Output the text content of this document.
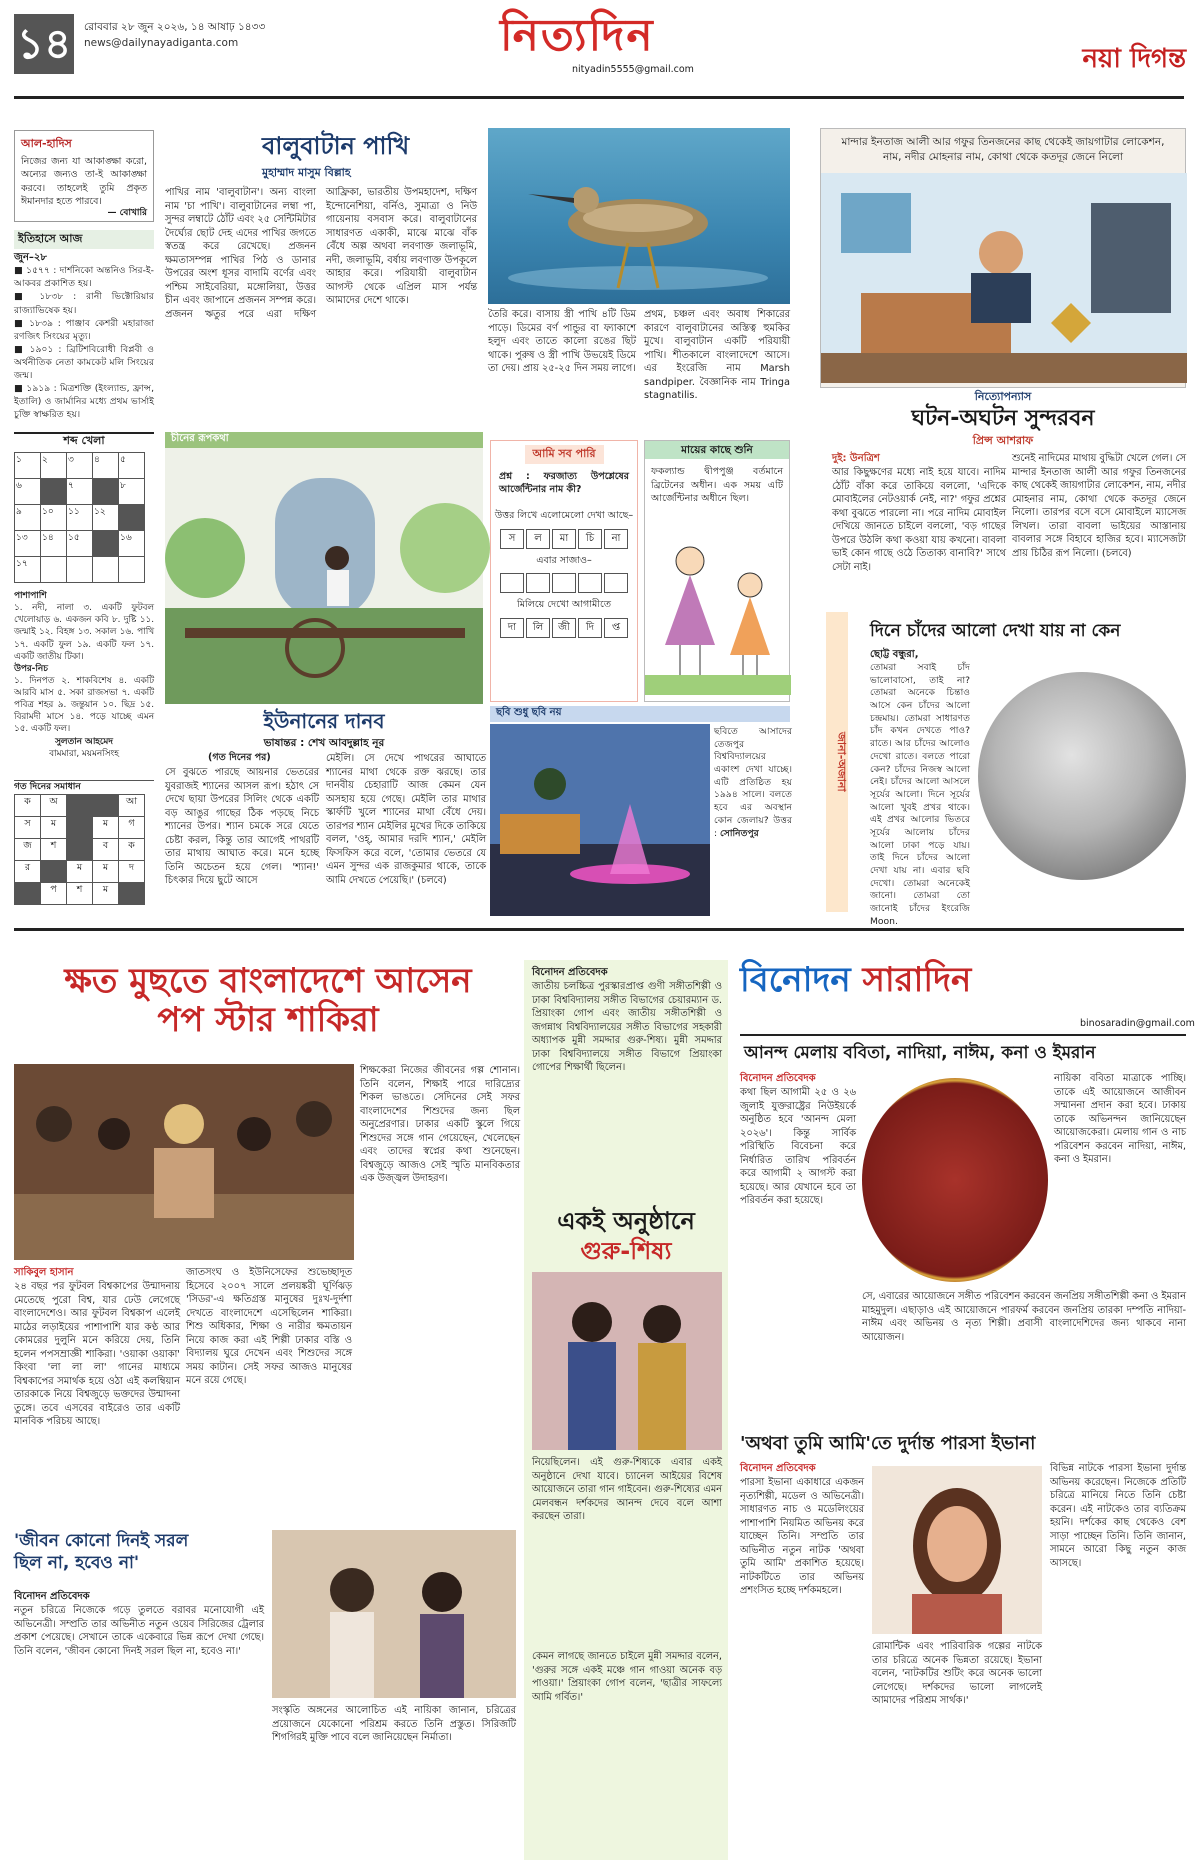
১৪ রোববার ২৮ জুন ২০২৬, ১৪ আষাঢ় ১৪৩৩
news@dailynayadiganta.com	নিত্যদিন
nityadin5555@gmail.com	নয়া দিগন্ত
আল-হাদিস
নিজের জন্য যা আকাঙ্ক্ষা করো, অন্যের জন্যও তা-ই আকাঙ্ক্ষা করবে। তাহলেই তুমি প্রকৃত ঈমানদার হতে পারবে।
— বোখারি
ইতিহাসে আজ
জুন–২৮
■ ১৫৭৭ : দার্শনিকো অন্তনিও সির-ই-আকবর প্রকাশিত হয়।
■ ১৮৩৮ : রানী ভিক্টোরিয়ার রাজ্যাভিষেক হয়।
■ ১৮৩৯ : পাঞ্জাব কেশরী মহারাজা রণজিৎ সিংয়ের মৃত্যু।
■ ১৯০১ : ব্রিটিশবিরোধী বিপ্লবী ও অর্থনীতিক নেতা কামকেট মলি সিংয়ের জন্ম।
■ ১৯১৯ : মিত্রশক্তি (ইংল্যান্ড, ফ্রান্স, ইতালি) ও জার্মানির মধ্যে প্রথম ভার্সাই চুক্তি স্বাক্ষরিত হয়।
শব্দ খেলা
১	২	৩	৪	৫
৬		৭		৮
৯	১০	১১	১২	
১৩	১৪	১৫		১৬
১৭				
পাশাপাশি
১. নদী, নালা ৩. একটি ফুটবল খেলোয়াড় ৬. একজন কবি ৮. দুষ্টি ১১. জন্মাই ১২. বিহঙ্গ ১৩. সকাল ১৬. পাখি ১৭. একটি ফুল ১৯. একটি ফল ১৭. একটি জাতীয় টিকা।
উপর-নিচ
১. দিনপত ২. শাকবিশেষ ৪. একটি আরবি মাস ৫. সকা রাজসভা ৭. একটি পবিত্র শহর ৯. জন্তুয়ান ১০. ছিদ্র ১৫. বিরামদী মাসে ১৪. পড়ে যাচ্ছে এমন ১৫. একটি ফল।

সুলতান আহমেদ
বামমারা, ময়মনসিংহ
গত দিনের সমাধান
ক	অ			আ
স	ম		ম	গ
জ	শ		ব	ক
র		ম	ম	দ
	প	শ	ম	
বালুবাটান পাখি
মুহাম্মাদ মাসুম বিল্লাহ
পাখির নাম 'বালুবাটান'। অন্য বাংলা নাম 'চা পাখি'। বালুবাটানের লম্বা পা, সুন্দর লম্বাটে ঠোঁট এবং ২৫ সেন্টিমিটার দৈর্ঘ্যের ছোট দেহ এদের পাখির জগতে স্বতন্ত্র করে রেখেছে। প্রজনন ক্ষমতাসম্পন্ন পাখির পিঠ ও ডানার উপরের অংশ ধূসর বাদামি বর্ণের এবং পশ্চিম সাইবেরিয়া, মঙ্গোলিয়া, উত্তর চীন এবং জাপানে প্রজনন সম্পন্ন করে। প্রজনন ঋতুর পরে এরা দক্ষিণ আফ্রিকা, ভারতীয় উপমহাদেশ, দক্ষিণ ইন্দোনেশিয়া, বর্নিও, সুমাত্রা ও নিউ গায়েনায় বসবাস করে। বালুবাটানের সাধারণত একাকী, মাঝে মাঝে বাঁক বেঁধে অল্প অথবা লবণাক্ত জলাভূমি, নদী, জলাভূমি, বর্ষায় লবণাক্ত উপকূলে আহার করে। পরিযায়ী বালুবাটান আগস্ট থেকে এপ্রিল মাস পর্যন্ত আমাদের দেশে থাকে।
তৈরি করে। বাসায় স্ত্রী পাখি ৪টি ডিম পাড়ে। ডিমের বর্ণ পান্ডুর বা ফ্যাকাশে হলুদ এবং তাতে কালো রঙের ছিট থাকে। পুরুষ ও স্ত্রী পাখি উভয়েই ডিমে তা দেয়। প্রায় ২৫-২৫ দিন সময় লাগে।
প্রথম, চঞ্চল এবং অবাধ শিকারের কারণে বালুবাটানের অস্তিত্ব হুমকির মুখে। বালুবাটান একটি পরিযায়ী পাখি। শীতকালে বাংলাদেশে আসে। এর ইংরেজি নাম Marsh sandpiper. বৈজ্ঞানিক নাম Tringa stagnatilis.
মান্দার ইনতাজ আলী আর গফুর তিনজনের কাছ থেকেই জায়গাটার লোকেশন, নাম, নদীর মোহনার নাম, কোথা থেকে কতদূর জেনে নিলো
নিত্যোপন্যাস
ঘটন-অঘটন সুন্দরবন
প্রিন্স আশরাফ
দুই: উনত্রিশ
আর কিছুক্ষণের মধ্যে নাই হয়ে যাবে। নাদিম ঠোঁট বাঁকা করে তাকিয়ে বললো, 'এদিকে মোবাইলের নেটওয়ার্ক নেই, না?' গফুর প্রশ্নের কথা বুঝতে পারলো না। পরে নাদিম মোবাইল দেখিয়ে জানতে চাইলে বললো, 'বড় গাছের উপরে উঠলি কথা কওয়া যায় কখনো। বাবলা ভাই কোন গাছে ওঠে তিতাক্য বানাবি?' সাথে সেটা নাই।
শুনেই নাদিমের মাথায় বুদ্ধিটা খেলে গেল। সে মান্দার ইনতাজ আলী আর গফুর তিনজনের কাছ থেকেই জায়গাটার লোকেশন, নাম, নদীর মোহনার নাম, কোথা থেকে কতদূর জেনে নিলো। তারপর বসে বসে মোবাইলে ম্যাসেজ লিখল। তারা বাবলা ভাইয়ের আস্তানায় বাবলার সঙ্গে বিহাবে হাজির হবে। ম্যাসেজটা প্রায় চিঠির রূপ নিলো। (চলবে)
চীনের রূপকথা
ইউনানের দানব
ভাষান্তর : শেখ আবদুল্লাহ নূর
(গত দিনের পর)
সে বুঝতে পারছে আয়নার ভেতরের যুবরাজই শ্যানের আসল রূপ। হঠাৎ সে দেখে ছায়া উপরের সিলিং থেকে একটি বড় আঙুর গাছের ঠিক পড়ছে নিচে শ্যানের উপর। শ্যান চমকে সরে যেতে চেষ্টা করল, কিন্তু তার আগেই পাথরটি তার মাথায় আঘাত করে। মনে হচ্ছে তিনি অচেতন হয়ে গেল। 'শ্যান!' চিৎকার দিয়ে ছুটে আসে
মেইলি। সে দেখে পাথরের আঘাতে শ্যানের মাথা থেকে রক্ত ঝরছে। তার দানবীয় চেহারাটি আজ কেমন যেন অসহায় হয়ে গেছে। মেইলি তার মাথার স্কার্ফটি খুলে শ্যানের মাথা বেঁধে দেয়। তারপর শ্যান মেইলির মুখের দিকে তাকিয়ে বলল, 'ওহ্, আমার দরদি শ্যান,' মেইলি ফিসফিস করে বলে, 'তোমার ভেতরে যে এমন সুন্দর এক রাজকুমার থাকে, তাকে আমি দেখতে পেয়েছি।' (চলবে)
আমি সব পারি
প্রশ্ন : ফরজাত্য উপশ্লেষের আর্জেন্টিনার নাম কী?
উত্তর লিখে এলোমেলো দেখা আছে–
স	ল	মা	চি	না
এবার সাজাও–
মিলিয়ে দেখো আগামীতে
দা	লি	জী	দি	প্ত
মায়ের কাছে শুনি
ফকল্যান্ড দ্বীপপুঞ্জ বর্তমানে ব্রিটেনের অধীন। এক সময় এটি আর্জেন্টিনার অধীনে ছিল।
ছবি শুধু ছবি নয়
ছবিতে আসাদের তেজপুর বিশ্ববিদ্যালয়ের একাংশ দেখা যাচ্ছে। এটি প্রতিষ্ঠিত হয় ১৯৯৪ সালে। বলতে হবে এর অবস্থান কোন জেলায়? উত্তর : সোনিতপুর
জানা-অজানা
দিনে চাঁদের আলো দেখা যায় না কেন
ছোট্ট বন্ধুরা,
তোমরা সবাই চাঁদ ভালোবাসো, তাই না? তোমরা অনেকে চিন্তাও আসে কেন চাঁদের আলো চন্দ্রমায়। তোমরা সাধারণত চাঁদ কখন দেখতে পাও? রাতে। আর চাঁদের আলোও দেখো রাতে। বলতে পারো কেন? চাঁদের নিজস্ব আলো নেই। চাঁদের আলো আসলে সূর্যের আলো। দিনে সূর্যের আলো খুবই প্রখর থাকে। এই প্রখর আলোর ভিতরে সূর্যের আলোয় চাঁদের আলো ঢাকা পড়ে যায়। তাই দিনে চাঁদের আলো দেখা যায় না। এবার ছবি দেখো। তোমরা অনেকেই জানো। তোমরা তো জানোই চাঁদের ইংরেজি Moon.
ক্ষত মুছতে বাংলাদেশে আসেন
পপ স্টার শাকিরা
শিক্ষকেরা নিজের জীবনের গল্প শোনান। তিনি বলেন, শিক্ষাই পারে দারিদ্র্যের শিকল ভাঙতে। সেদিনের সেই সফর বাংলাদেশের শিশুদের জন্য ছিল অনুপ্রেরণার। ঢাকার একটি স্কুলে গিয়ে শিশুদের সঙ্গে গান গেয়েছেন, খেলেছেন এবং তাদের স্বপ্নের কথা শুনেছেন। বিশ্বজুড়ে আজও সেই স্মৃতি মানবিকতার এক উজ্জ্বল উদাহরণ।
সাকিবুল হাসান
২৪ বছর পর ফুটবল বিশ্বকাপের উন্মাদনায় মেতেছে পুরো বিশ্ব, যার ঢেউ লেগেছে বাংলাদেশেও। আর ফুটবল বিশ্বকাপ এলেই মাঠের লড়াইয়ের পাশাপাশি যার কণ্ঠ আর কোমরের দুলুনি মনে করিয়ে দেয়, তিনি হলেন পপসম্রাজ্ঞী শাকিরা। 'ওয়াকা ওয়াকা' কিংবা 'লা লা লা' গানের মাধ্যমে বিশ্বকাপের সমার্থক হয়ে ওঠা এই কলম্বিয়ান তারকাকে নিয়ে বিশ্বজুড়ে ভক্তদের উন্মাদনা তুঙ্গে। তবে এসবের বাইরেও তার একটি মানবিক পরিচয় আছে।
জাতসংঘ ও ইউনিসেফের শুভেচ্ছাদূত হিসেবে ২০০৭ সালে প্রলয়ঙ্করী ঘূর্ণিঝড় 'সিডর'-এ ক্ষতিগ্রস্ত মানুষের দুঃখ-দুর্দশা দেখতে বাংলাদেশে এসেছিলেন শাকিরা। শিশু অধিকার, শিক্ষা ও নারীর ক্ষমতায়ন নিয়ে কাজ করা এই শিল্পী ঢাকার বস্তি ও বিদ্যালয় ঘুরে দেখেন এবং শিশুদের সঙ্গে সময় কাটান। সেই সফর আজও মানুষের মনে রয়ে গেছে।
'জীবন কোনো দিনই সরল
ছিল না, হবেও না'
বিনোদন প্রতিবেদক
নতুন চরিত্রে নিজেকে গড়ে তুলতে বরাবর মনোযোগী এই অভিনেত্রী। সম্প্রতি তার অভিনীত নতুন ওয়েব সিরিজের ট্রেলার প্রকাশ পেয়েছে। সেখানে তাকে একেবারে ভিন্ন রূপে দেখা গেছে। তিনি বলেন, 'জীবন কোনো দিনই সরল ছিল না, হবেও না।'
সংস্কৃতি অঙ্গনের আলোচিত এই নায়িকা জানান, চরিত্রের প্রয়োজনে যেকোনো পরিশ্রম করতে তিনি প্রস্তুত। সিরিজটি শিগগিরই মুক্তি পাবে বলে জানিয়েছেন নির্মাতা।
বিনোদন প্রতিবেদক
জাতীয় চলচ্চিত্র পুরস্কারপ্রাপ্ত গুণী সঙ্গীতশিল্পী ও ঢাকা বিশ্ববিদ্যালয় সঙ্গীত বিভাগের চেয়ারম্যান ড. প্রিয়াংকা গোপ এবং জাতীয় সঙ্গীতশিল্পী ও জগন্নাথ বিশ্ববিদ্যালয়ের সঙ্গীত বিভাগের সহকারী অধ্যাপক মুন্নী সমদ্দার গুরু-শিষ্য। মুন্নী সমদ্দার ঢাকা বিশ্ববিদ্যালয়ে সঙ্গীত বিভাগে প্রিয়াংকা গোপের শিক্ষার্থী ছিলেন।
একই অনুষ্ঠানে
গুরু-শিষ্য
নিয়েছিলেন। এই গুরু-শিষ্যকে এবার একই অনুষ্ঠানে দেখা যাবে। চ্যানেল আইয়ের বিশেষ আয়োজনে তারা গান গাইবেন। গুরু-শিষ্যের এমন মেলবন্ধন দর্শকদের আনন্দ দেবে বলে আশা করছেন তারা।
কেমন লাগছে জানতে চাইলে মুন্নী সমদ্দার বলেন, 'গুরুর সঙ্গে একই মঞ্চে গান গাওয়া অনেক বড় পাওয়া।' প্রিয়াংকা গোপ বলেন, 'ছাত্রীর সাফল্যে আমি গর্বিত।'
বিনোদন সারাদিন
binosaradin@gmail.com
আনন্দ মেলায় ববিতা, নাদিয়া, নাঈম, কনা ও ইমরান
বিনোদন প্রতিবেদক
কথা ছিল আগামী ২৫ ও ২৬ জুলাই যুক্তরাষ্ট্রের নিউইয়র্কে অনুষ্ঠিত হবে 'আনন্দ মেলা ২০২৬'। কিন্তু সার্বিক পরিস্থিতি বিবেচনা করে নির্ধারিত তারিখ পরিবর্তন করে আগামী ২ আগস্ট করা হয়েছে। আর যেখানে হবে তা পরিবর্তন করা হয়েছে।
নায়িকা ববিতা মাত্রাকে পাচ্ছি। তাকে এই আয়োজনে আজীবন সম্মাননা প্রদান করা হবে। ঢাকায় তাকে অভিনন্দন জানিয়েছেন আয়োজকেরা। মেলায় গান ও নাচ পরিবেশন করবেন নাদিয়া, নাঈম, কনা ও ইমরান।
সে, এবারের আয়োজনে সঙ্গীত পরিবেশন করবেন জনপ্রিয় সঙ্গীতশিল্পী কনা ও ইমরান মাহমুদুল। এছাড়াও এই আয়োজনে পারফর্ম করবেন জনপ্রিয় তারকা দম্পতি নাদিয়া-নাঈম এবং অভিনয় ও নৃত্য শিল্পী। প্রবাসী বাংলাদেশিদের জন্য থাকবে নানা আয়োজন।
'অথবা তুমি আমি'তে দুর্দান্ত পারসা ইভানা
বিনোদন প্রতিবেদক
পারসা ইভানা একাধারে একজন নৃত্যশিল্পী, মডেল ও অভিনেত্রী। সাধারণত নাচ ও মডেলিংয়ের পাশাপাশি নিয়মিত অভিনয় করে যাচ্ছেন তিনি। সম্প্রতি তার অভিনীত নতুন নাটক 'অথবা তুমি আমি' প্রকাশিত হয়েছে। নাটকটিতে তার অভিনয় প্রশংসিত হচ্ছে দর্শকমহলে।
রোমান্টিক এবং পারিবারিক গল্পের নাটকে তার চরিত্রে অনেক ভিন্নতা রয়েছে। ইভানা বলেন, 'নাটকটির শুটিং করে অনেক ভালো লেগেছে। দর্শকদের ভালো লাগলেই আমাদের পরিশ্রম সার্থক।'
বিভিন্ন নাটকে পারসা ইভানা দুর্দান্ত অভিনয় করেছেন। নিজেকে প্রতিটি চরিত্রে মানিয়ে নিতে তিনি চেষ্টা করেন। এই নাটকেও তার ব্যতিক্রম হয়নি। দর্শকের কাছ থেকেও বেশ সাড়া পাচ্ছেন তিনি। তিনি জানান, সামনে আরো কিছু নতুন কাজ আসছে।
